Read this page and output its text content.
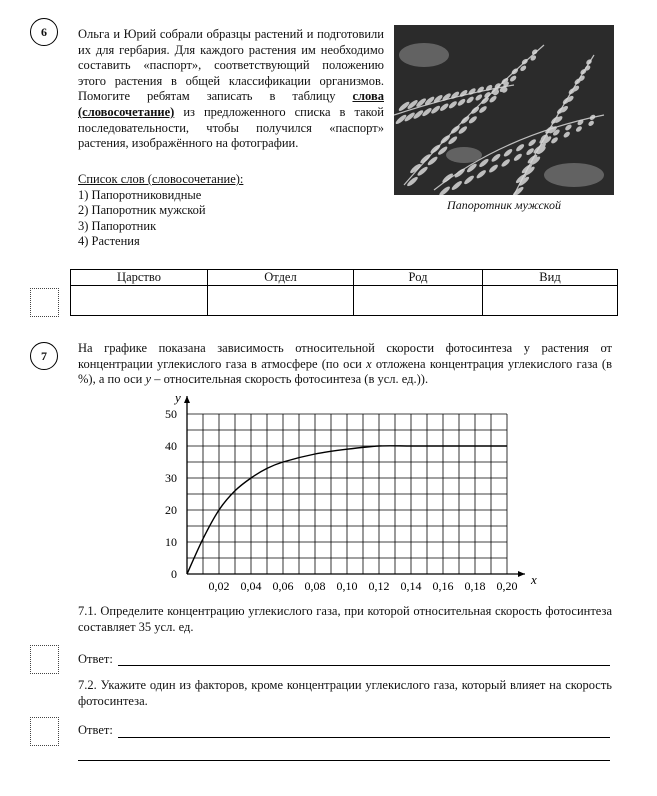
6	Ольга и Юрий собрали образцы растений и подготовили их для гербария. Для каждого растения им необходимо составить «паспорт», соответствующий положению этого растения в общей классификации организмов. Помогите ребятам записать в таблицу слова (словосочетание) из предложенного списка в такой последовательности, чтобы получился «паспорт» растения, изображённого на фотографии.

Папоротник мужской
Список слов (словосочетание):
1) Папоротниковидные
2) Папоротник мужской
3) Папоротник
4) Растения
Царство	Отдел	Род	Вид

7

На графике показана зависимость относительной скорости фотосинтеза у растения от концентрации углекислого газа в атмосфере (по оси x отложена концентрация углекислого газа (в %), а по оси y – относительная скорость фотосинтеза (в усл. ед.)).

0,02 0,04 0,06 0,08 0,10 0,12 0,14 0,16 0,18 0,20
0
10
20
30
40
50
x
y

7.1. Определите концентрацию углекислого газа, при которой относительная скорость фотосинтеза составляет 35 усл. ед.

Ответ:

7.2. Укажите один из факторов, кроме концентрации углекислого газа, который влияет на скорость фотосинтеза.

Ответ:
